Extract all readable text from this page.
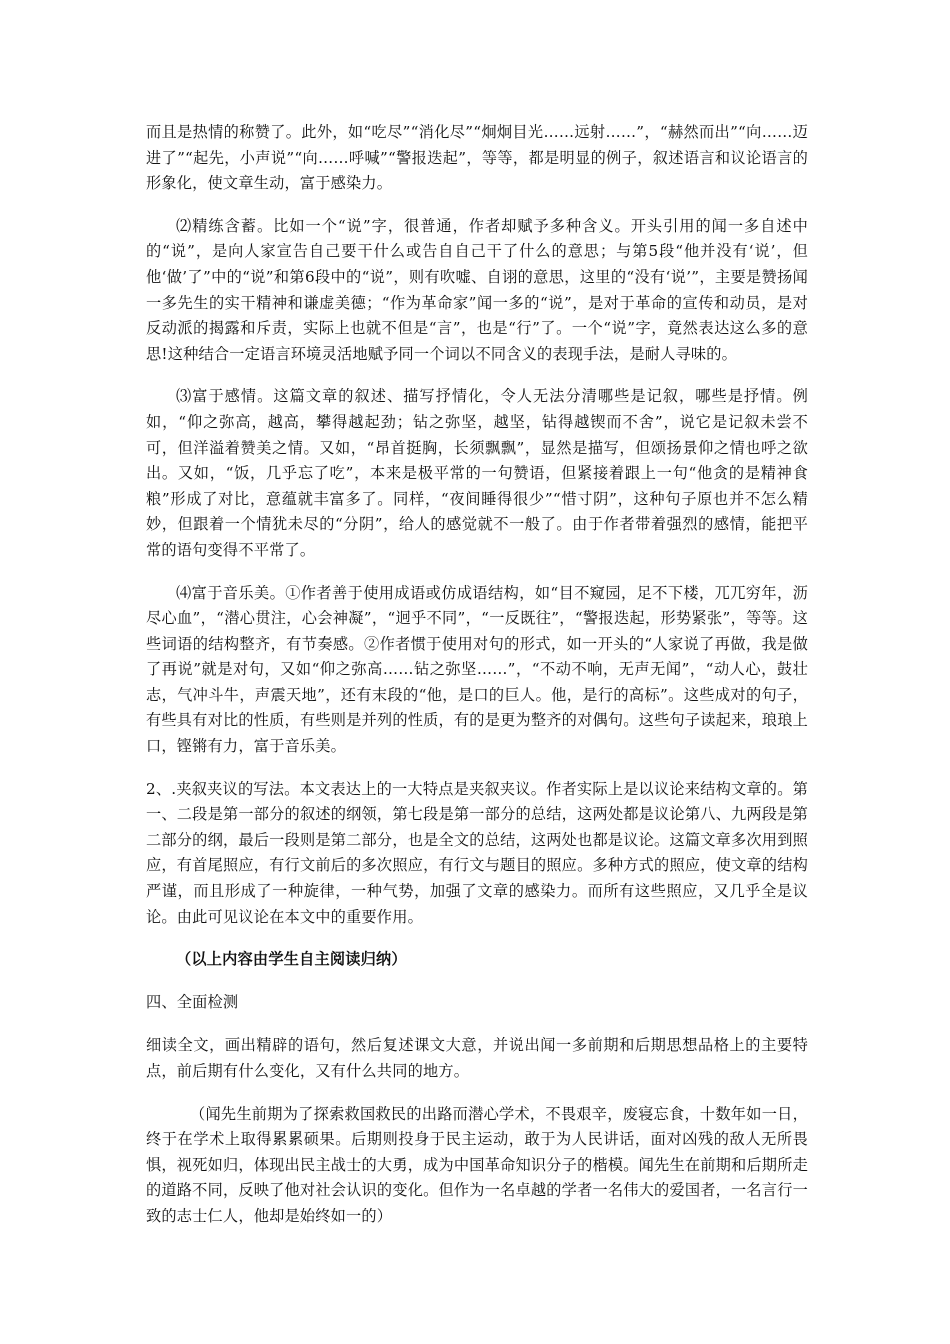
而且是热情的称赞了。此外，如“吃尽”“消化尽”“炯炯目光……远射……”，“赫然而出”“向……迈进了”“起先，小声说”“向……呼喊”“警报迭起”，等等，都是明显的例子，叙述语言和议论语言的形象化，使文章生动，富于感染力。

⑵精练含蓄。比如一个“说”字，很普通，作者却赋予多种含义。开头引用的闻一多自述中的“说”，是向人家宣告自己要干什么或告自自己干了什么的意思；与第5段“他并没有‘说’，但他‘做’了”中的“说”和第6段中的“说”，则有吹嘘、自诩的意思，这里的“没有‘说’”，主要是赞扬闻一多先生的实干精神和谦虚美德；“作为革命家”闻一多的“说”，是对于革命的宣传和动员，是对反动派的揭露和斥责，实际上也就不但是“言”，也是“行”了。一个“说”字，竟然表达这么多的意思!这种结合一定语言环境灵活地赋予同一个词以不同含义的表现手法，是耐人寻味的。

⑶富于感情。这篇文章的叙述、描写抒情化，令人无法分清哪些是记叙，哪些是抒情。例如，“仰之弥高，越高，攀得越起劲；钻之弥坚，越坚，钻得越锲而不舍”，说它是记叙未尝不可，但洋溢着赞美之情。又如，“昂首挺胸，长须飘飘”，显然是描写，但颂扬景仰之情也呼之欲出。又如，“饭，几乎忘了吃”，本来是极平常的一句赞语，但紧接着跟上一句“他贪的是精神食粮”形成了对比，意蕴就丰富多了。同样，“夜间睡得很少”“惜寸阴”，这种句子原也并不怎么精妙，但跟着一个情犹未尽的“分阴”，给人的感觉就不一般了。由于作者带着强烈的感情，能把平常的语句变得不平常了。

⑷富于音乐美。①作者善于使用成语或仿成语结构，如“目不窥园，足不下楼，兀兀穷年，沥尽心血”，“潜心贯注，心会神凝”，“迥乎不同”，“一反既往”，“警报迭起，形势紧张”，等等。这些词语的结构整齐，有节奏感。②作者惯于使用对句的形式，如一开头的“人家说了再做，我是做了再说”就是对句，又如“仰之弥高……钻之弥坚……”，“不动不响，无声无闻”，“动人心，鼓壮志，气冲斗牛，声震天地”，还有末段的“他，是口的巨人。他，是行的高标”。这些成对的句子，有些具有对比的性质，有些则是并列的性质，有的是更为整齐的对偶句。这些句子读起来，琅琅上口，铿锵有力，富于音乐美。

2、.夹叙夹议的写法。本文表达上的一大特点是夹叙夹议。作者实际上是以议论来结构文章的。第一、二段是第一部分的叙述的纲领，第七段是第一部分的总结，这两处都是议论第八、九两段是第二部分的纲，最后一段则是第二部分，也是全文的总结，这两处也都是议论。这篇文章多次用到照应，有首尾照应，有行文前后的多次照应，有行文与题目的照应。多种方式的照应，使文章的结构严谨，而且形成了一种旋律，一种气势，加强了文章的感染力。而所有这些照应，又几乎全是议论。由此可见议论在本文中的重要作用。

（以上内容由学生自主阅读归纳）

四、全面检测

细读全文，画出精辟的语句，然后复述课文大意，并说出闻一多前期和后期思想品格上的主要特点，前后期有什么变化，又有什么共同的地方。

（闻先生前期为了探索救国救民的出路而潜心学术，不畏艰辛，废寝忘食，十数年如一日，终于在学术上取得累累硕果。后期则投身于民主运动，敢于为人民讲话，面对凶残的敌人无所畏惧，视死如归，体现出民主战士的大勇，成为中国革命知识分子的楷模。闻先生在前期和后期所走的道路不同，反映了他对社会认识的变化。但作为一名卓越的学者一名伟大的爱国者，一名言行一致的志士仁人，他却是始终如一的）
